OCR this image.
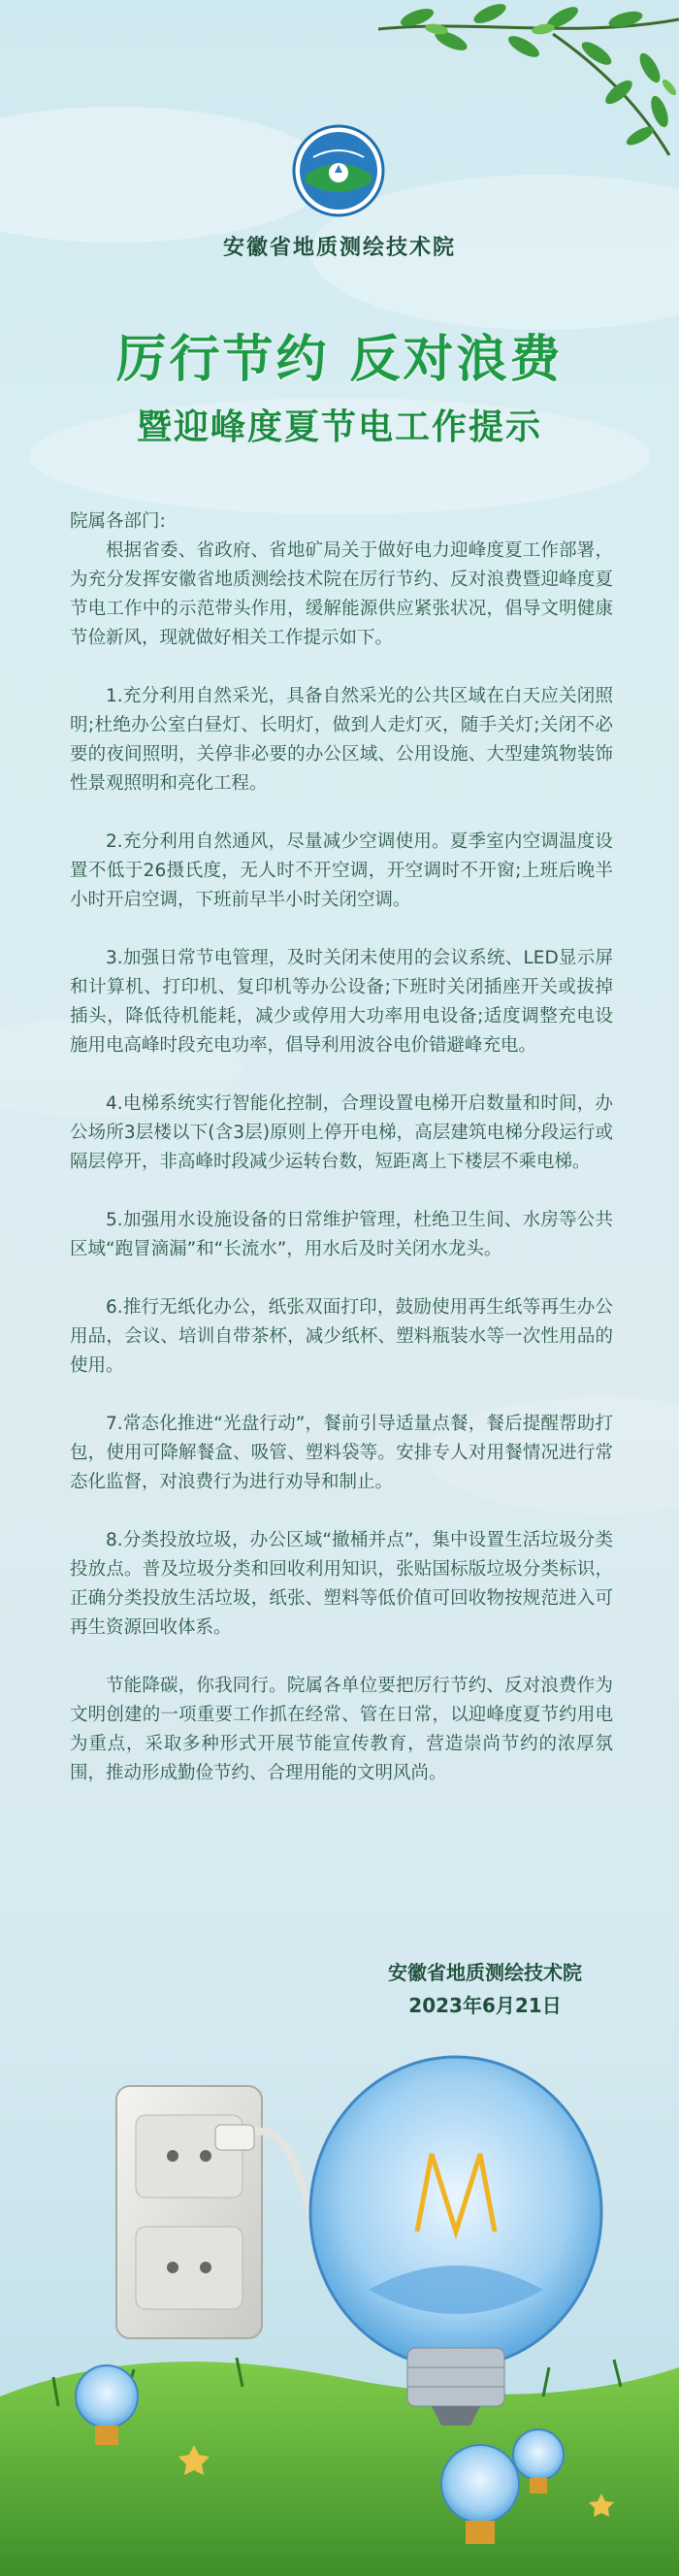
安徽省地质测绘技术院
厉行节约 反对浪费
暨迎峰度夏节电工作提示

院属各部门:

根据省委、省政府、省地矿局关于做好电力迎峰度夏工作部署，为充分发挥安徽省地质测绘技术院在厉行节约、反对浪费暨迎峰度夏节电工作中的示范带头作用，缓解能源供应紧张状况，倡导文明健康节俭新风，现就做好相关工作提示如下。

1.充分利用自然采光，具备自然采光的公共区域在白天应关闭照明;杜绝办公室白昼灯、长明灯，做到人走灯灭，随手关灯;关闭不必要的夜间照明，关停非必要的办公区域、公用设施、大型建筑物装饰性景观照明和亮化工程。

2.充分利用自然通风，尽量减少空调使用。夏季室内空调温度设置不低于26摄氏度，无人时不开空调，开空调时不开窗;上班后晚半小时开启空调，下班前早半小时关闭空调。

3.加强日常节电管理，及时关闭未使用的会议系统、LED显示屏和计算机、打印机、复印机等办公设备;下班时关闭插座开关或拔掉插头，降低待机能耗，减少或停用大功率用电设备;适度调整充电设施用电高峰时段充电功率，倡导利用波谷电价错避峰充电。

4.电梯系统实行智能化控制，合理设置电梯开启数量和时间，办公场所3层楼以下(含3层)原则上停开电梯，高层建筑电梯分段运行或隔层停开，非高峰时段减少运转台数，短距离上下楼层不乘电梯。

5.加强用水设施设备的日常维护管理，杜绝卫生间、水房等公共区域“跑冒滴漏”和“长流水”，用水后及时关闭水龙头。

6.推行无纸化办公，纸张双面打印，鼓励使用再生纸等再生办公用品，会议、培训自带茶杯，减少纸杯、塑料瓶装水等一次性用品的使用。

7.常态化推进“光盘行动”，餐前引导适量点餐，餐后提醒帮助打包，使用可降解餐盒、吸管、塑料袋等。安排专人对用餐情况进行常态化监督，对浪费行为进行劝导和制止。

8.分类投放垃圾，办公区域“撤桶并点”，集中设置生活垃圾分类投放点。普及垃圾分类和回收利用知识，张贴国标版垃圾分类标识，正确分类投放生活垃圾，纸张、塑料等低价值可回收物按规范进入可再生资源回收体系。

节能降碳，你我同行。院属各单位要把厉行节约、反对浪费作为文明创建的一项重要工作抓在经常、管在日常，以迎峰度夏节约用电为重点，采取多种形式开展节能宣传教育，营造崇尚节约的浓厚氛围，推动形成勤俭节约、合理用能的文明风尚。

安徽省地质测绘技术院
2023年6月21日
